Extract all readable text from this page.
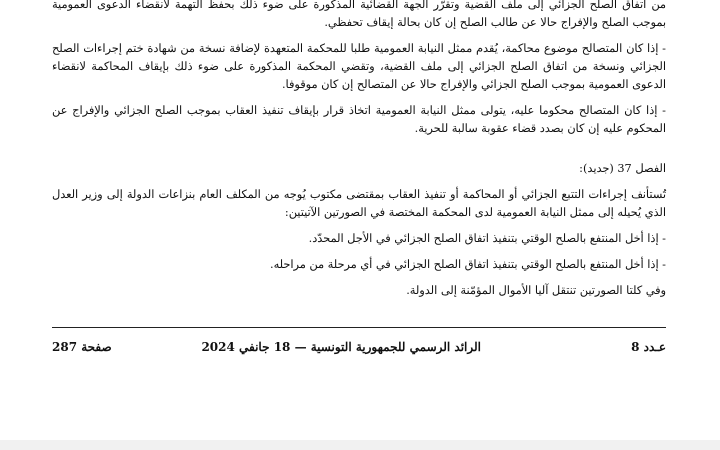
من اتفاق الصلح الجزائي إلى ملف القضية وتقرّر الجهة القضائية المذكورة على ضوء ذلك بحفظ التهمة لانقضاء الدعوى العمومية بموجب الصلح والإفراج حالا عن طالب الصلح إن كان بحالة إيقاف تحفظي.

- إذا كان المتصالح موضوع محاكمة، يُقدم ممثل النيابة العمومية طلبا للمحكمة المتعهدة لإضافة نسخة من شهادة ختم إجراءات الصلح الجزائي ونسخة من اتفاق الصلح الجزائي إلى ملف القضية، وتقضي المحكمة المذكورة على ضوء ذلك بإيقاف المحاكمة لانقضاء الدعوى العمومية بموجب الصلح الجزائي والإفراج حالا عن المتصالح إن كان موقوفا.

- إذا كان المتصالح محكوما عليه، يتولى ممثل النيابة العمومية اتخاذ قرار بإيقاف تنفيذ العقاب بموجب الصلح الجزائي والإفراج عن المحكوم عليه إن كان بصدد قضاء عقوبة سالبة للحرية.

الفصل 37 (جديد):

تُستأنف إجراءات التتبع الجزائي أو المحاكمة أو تنفيذ العقاب بمقتضى مكتوب يُوجه من المكلف العام بنزاعات الدولة إلى وزير العدل الذي يُحيله إلى ممثل النيابة العمومية لدى المحكمة المختصة في الصورتين الآتيتين:

- إذا أخل المنتفع بالصلح الوقتي بتنفيذ اتفاق الصلح الجزائي في الأجل المحدّد.

- إذا أخل المنتفع بالصلح الوقتي بتنفيذ اتفاق الصلح الجزائي في أي مرحلة من مراحله.

وفي كلتا الصورتين تنتقل آليا الأموال المؤمّنة إلى الدولة.

عـدد 8
الرائد الرسمي للجمهورية التونسية — 18 جانفي 2024
صفحة 287
